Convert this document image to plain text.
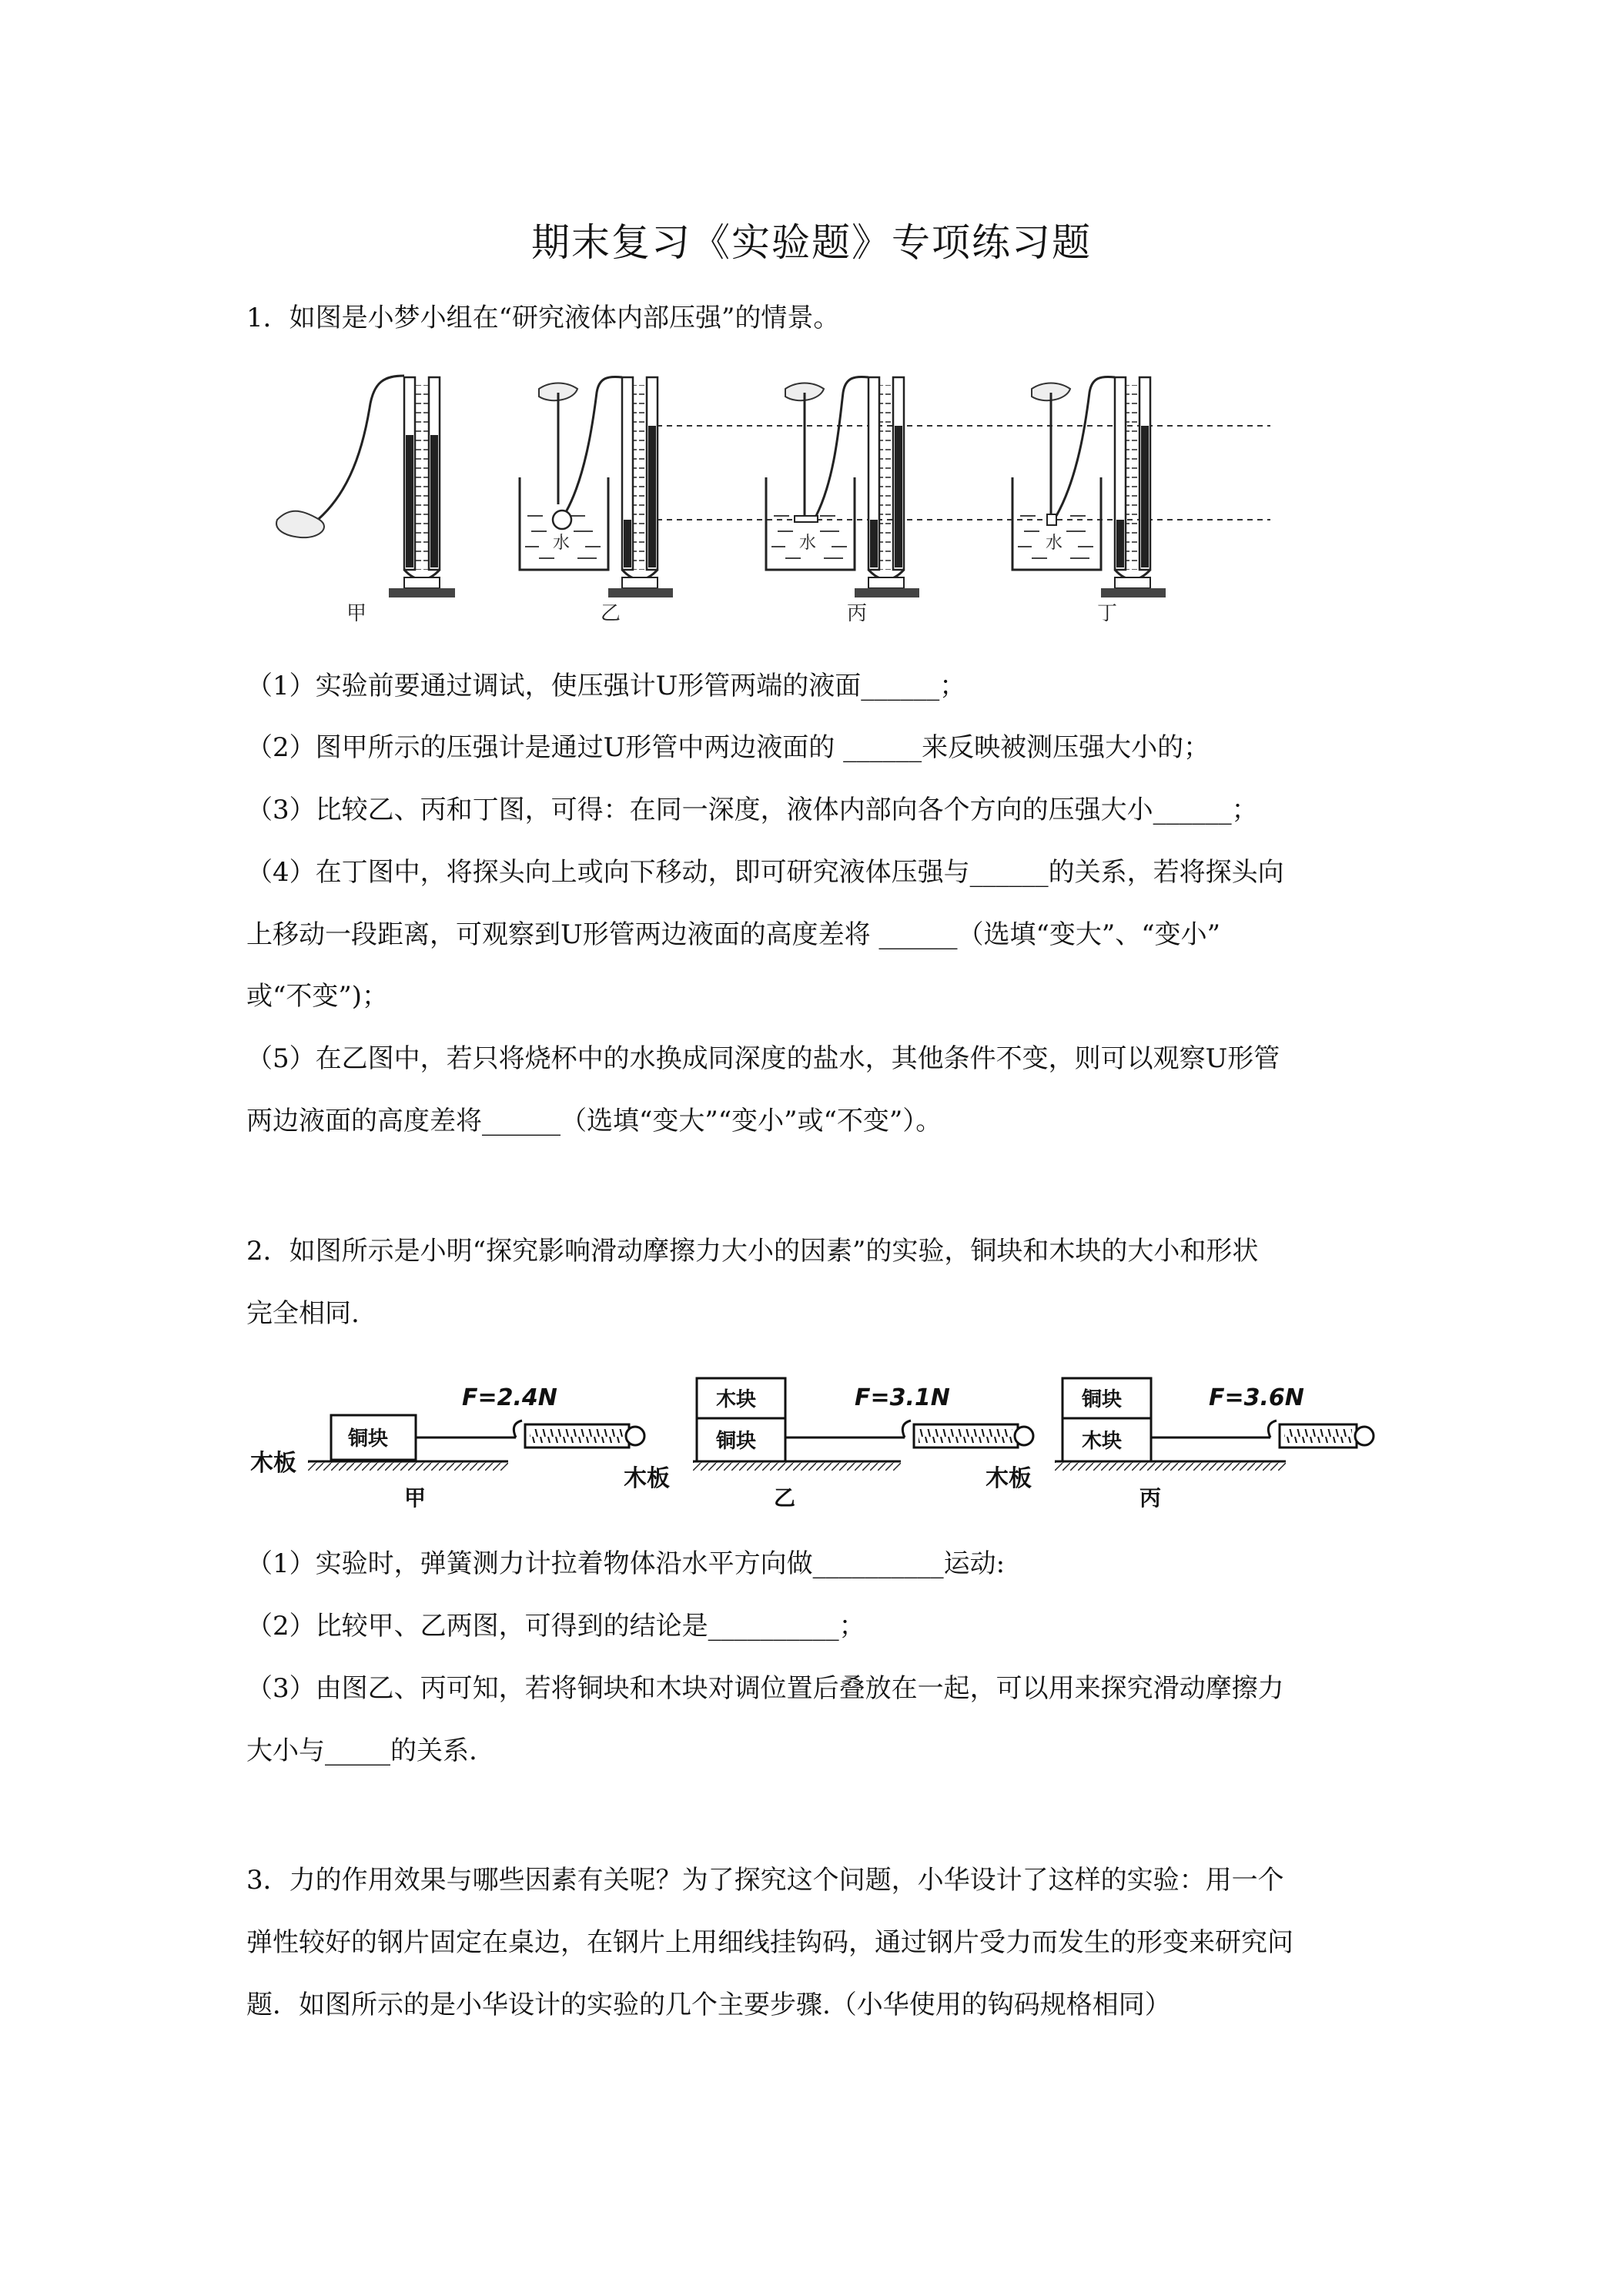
期末复习《实验题》专项练习题
1．如图是小梦小组在“研究液体内部压强”的情景。
水	水	水
甲	乙	丙	丁
（1）实验前要通过调试，使压强计U形管两端的液面______；
（2）图甲所示的压强计是通过U形管中两边液面的 ______来反映被测压强大小的；
（3）比较乙、丙和丁图，可得：在同一深度，液体内部向各个方向的压强大小______；
（4）在丁图中，将探头向上或向下移动，即可研究液体压强与______的关系，若将探头向
上移动一段距离，可观察到U形管两边液面的高度差将 ______（选填“变大”、“变小”
或“不变”)；
（5）在乙图中，若只将烧杯中的水换成同深度的盐水，其他条件不变，则可以观察U形管
两边液面的高度差将______（选填“变大”“变小”或“不变”）。
2．如图所示是小明“探究影响滑动摩擦力大小的因素”的实验，铜块和木块的大小和形状
完全相同.
木板
铜块
F=2.4N
甲
木板
木块
铜块
F=3.1N
乙
木板
铜块
木块
F=3.6N
丙
（1）实验时，弹簧测力计拉着物体沿水平方向做__________运动:
（2）比较甲、乙两图，可得到的结论是__________；
（3）由图乙、丙可知，若将铜块和木块对调位置后叠放在一起，可以用来探究滑动摩擦力
大小与_____的关系.
3．力的作用效果与哪些因素有关呢？为了探究这个问题，小华设计了这样的实验：用一个
弹性较好的钢片固定在桌边，在钢片上用细线挂钩码，通过钢片受力而发生的形变来研究问
题．如图所示的是小华设计的实验的几个主要步骤.（小华使用的钩码规格相同）
